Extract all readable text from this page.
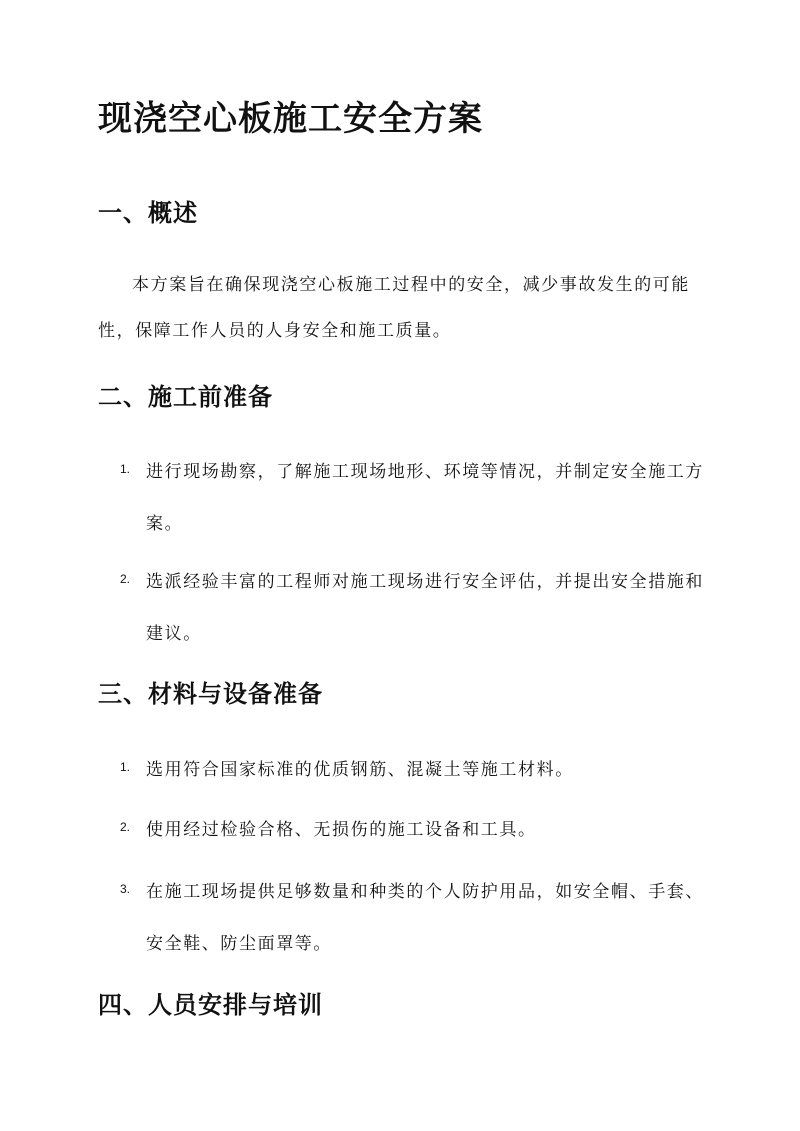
现浇空心板施工安全方案
一、概述

本方案旨在确保现浇空心板施工过程中的安全，减少事故发生的可能性，保障工作人员的人身安全和施工质量。

二、施工前准备
1. 进行现场勘察，了解施工现场地形、环境等情况，并制定安全施工方案。
2. 选派经验丰富的工程师对施工现场进行安全评估，并提出安全措施和建议。
三、材料与设备准备
1. 选用符合国家标准的优质钢筋、混凝土等施工材料。
2. 使用经过检验合格、无损伤的施工设备和工具。
3. 在施工现场提供足够数量和种类的个人防护用品，如安全帽、手套、安全鞋、防尘面罩等。
四、人员安排与培训
